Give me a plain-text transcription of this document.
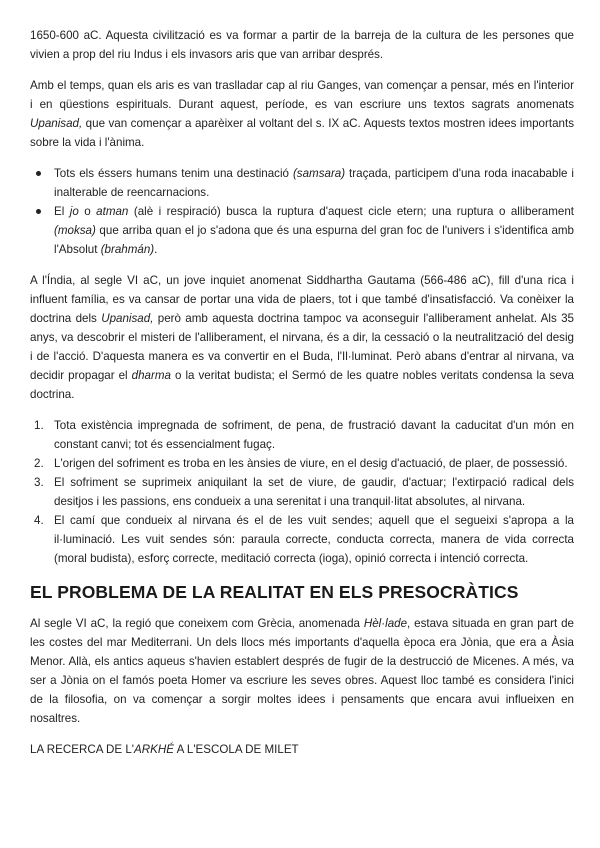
1650-600 aC. Aquesta civilització es va formar a partir de la barreja de la cultura de les persones que vivien a prop del riu Indus i els invasors aris que van arribar després.

Amb el temps, quan els aris es van traslladar cap al riu Ganges, van començar a pensar, més en l'interior i en qüestions espirituals. Durant aquest, període, es van escriure uns textos sagrats anomenats Upanisad, que van començar a aparèixer al voltant del s. IX aC. Aquests textos mostren idees importants sobre la vida i l'ànima.

Tots els éssers humans tenim una destinació (samsara) traçada, participem d'una roda inacabable i inalterable de reencarnacions.
El jo o atman (alè i respiració) busca la ruptura d'aquest cicle etern; una ruptura o alliberament (moksa) que arriba quan el jo s'adona que és una espurna del gran foc de l'univers i s'identifica amb l'Absolut (brahmán).

A l'Índia, al segle VI aC, un jove inquiet anomenat Siddhartha Gautama (566-486 aC), fill d'una rica i influent família, es va cansar de portar una vida de plaers, tot i que també d'insatisfacció. Va conèixer la doctrina dels Upanisad, però amb aquesta doctrina tampoc va aconseguir l'alliberament anhelat. Als 35 anys, va descobrir el misteri de l'alliberament, el nirvana, és a dir, la cessació o la neutralització del desig i de l'acció. D'aquesta manera es va convertir en el Buda, l'Il·luminat. Però abans d'entrar al nirvana, va decidir propagar el dharma o la veritat budista; el Sermó de les quatre nobles veritats condensa la seva doctrina.

1. Tota existència impregnada de sofriment, de pena, de frustració davant la caducitat d'un món en constant canvi; tot és essencialment fugaç.
2. L'origen del sofriment es troba en les ànsies de viure, en el desig d'actuació, de plaer, de possessió.
3. El sofriment se suprimeix aniquilant la set de viure, de gaudir, d'actuar; l'extirpació radical dels desitjos i les passions, ens condueix a una serenitat i una tranquil·litat absolutes, al nirvana.
4. El camí que condueix al nirvana és el de les vuit sendes; aquell que el segueixi s'apropa a la il·luminació. Les vuit sendes són: paraula correcte, conducta correcta, manera de vida correcta (moral budista), esforç correcte, meditació correcta (ioga), opinió correcta i intenció correcta.
EL PROBLEMA DE LA REALITAT EN ELS PRESOCRÀTICS

Al segle VI aC, la regió que coneixem com Grècia, anomenada Hèl·lade, estava situada en gran part de les costes del mar Mediterrani. Un dels llocs més importants d'aquella època era Jònia, que era a Àsia Menor. Allà, els antics aqueus s'havien establert després de fugir de la destrucció de Micenes. A més, va ser a Jònia on el famós poeta Homer va escriure les seves obres. Aquest lloc també es considera l'inici de la filosofia, on va començar a sorgir moltes idees i pensaments que encara avui influeixen en nosaltres.

LA RECERCA DE L'ARKHÉ A L'ESCOLA DE MILET
